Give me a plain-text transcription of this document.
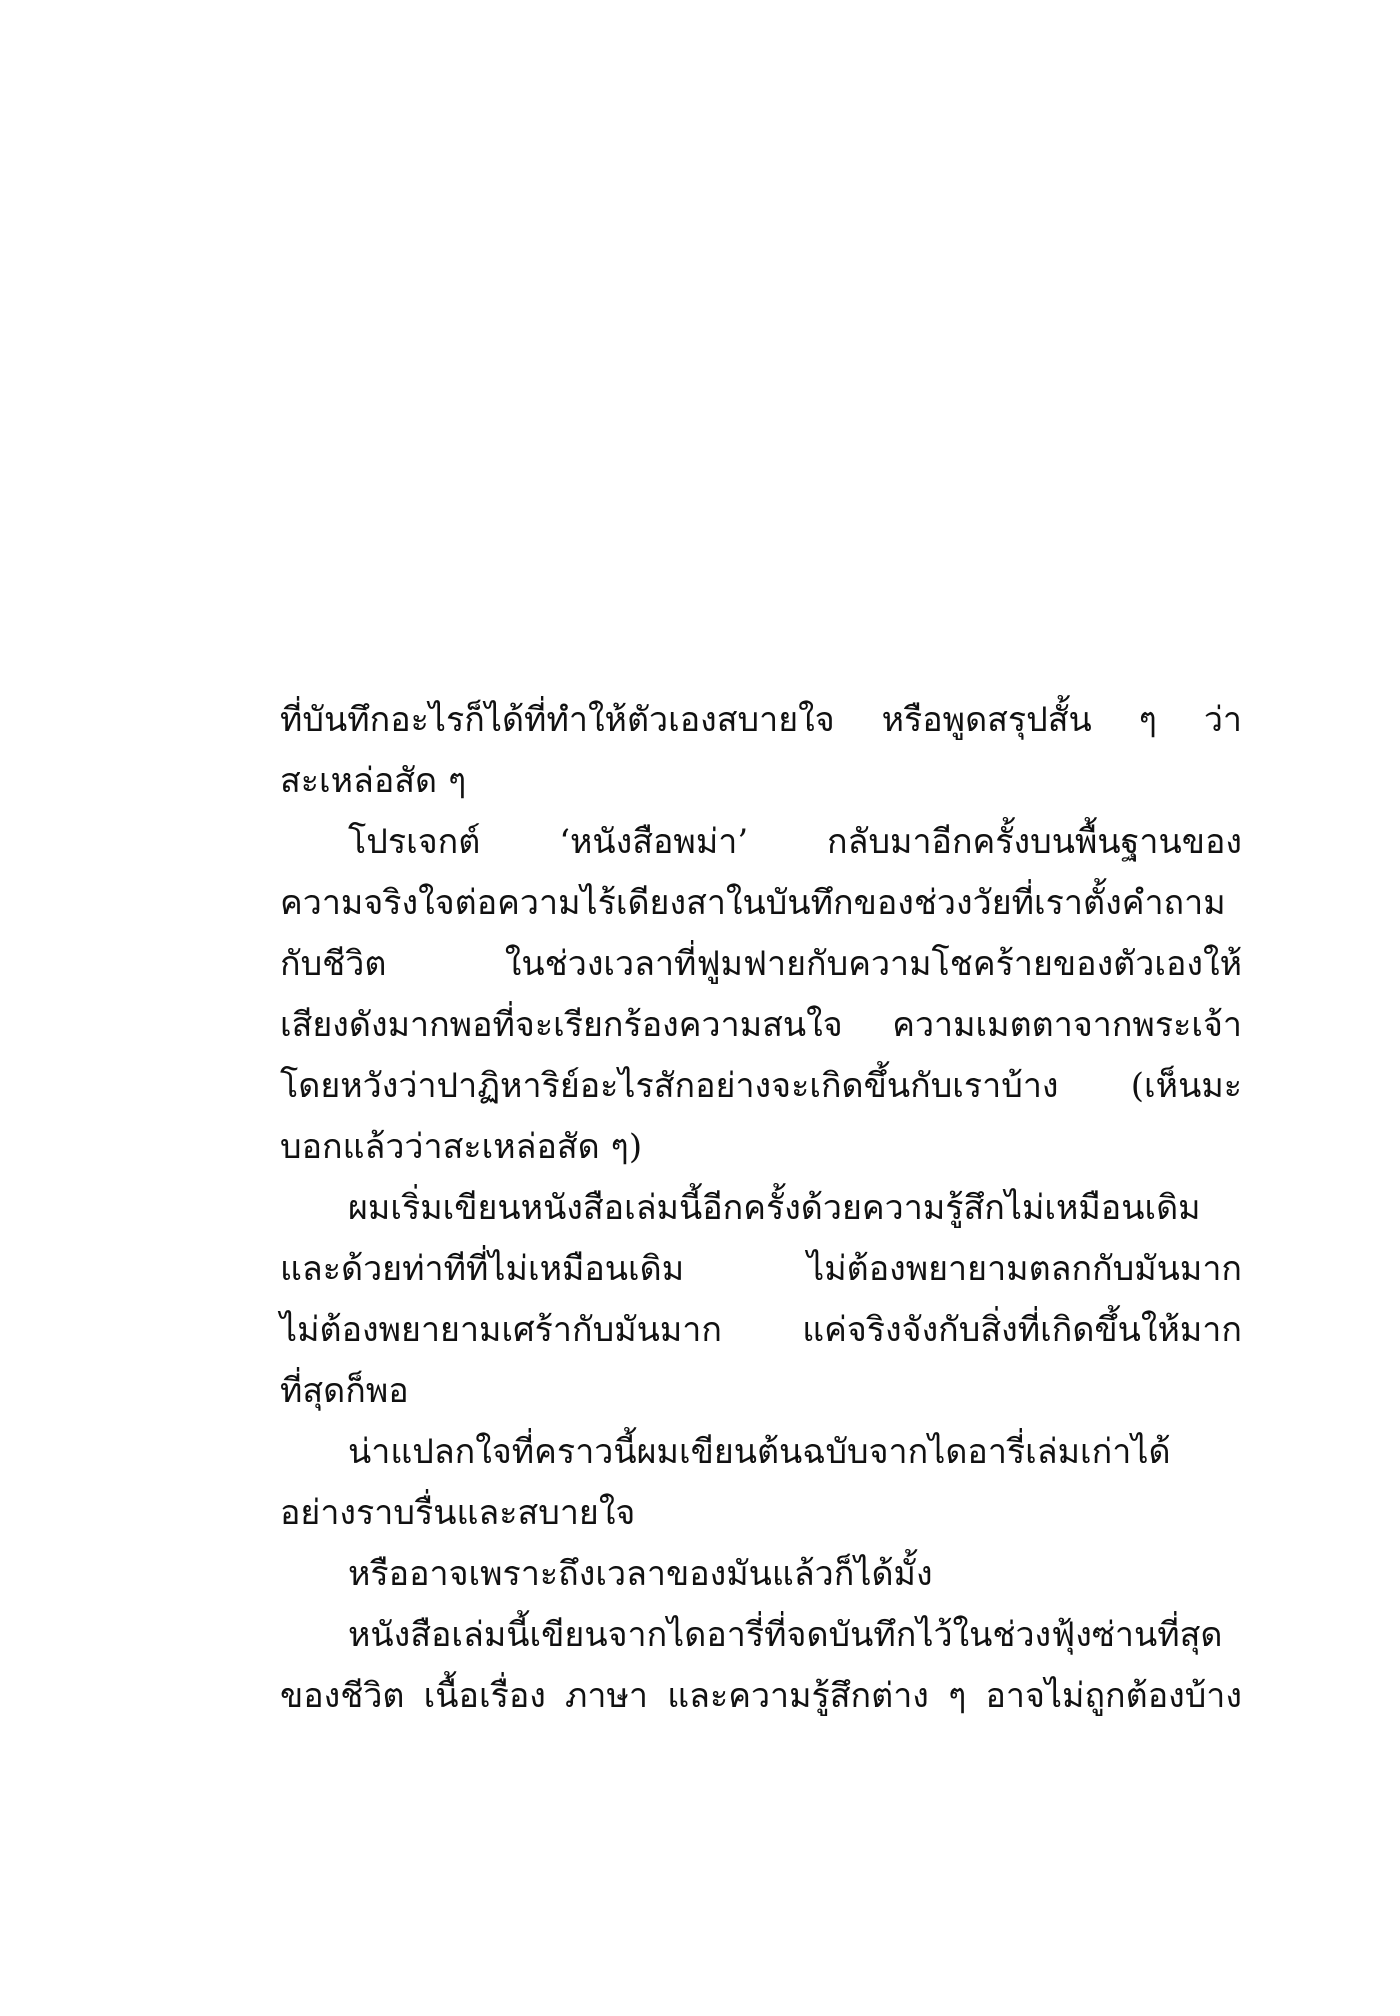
ที่บันทึกอะไรก็ได้ที่ทำให้ตัวเองสบายใจ หรือพูดสรุปสั้น ๆ ว่า
สะเหล่อสัด ๆ
โปรเจกต์ ‘หนังสือพม่า’ กลับมาอีกครั้งบนพื้นฐานของ
ความจริงใจต่อความไร้เดียงสาในบันทึกของช่วงวัยที่เราตั้งคำถาม
กับชีวิต ในช่วงเวลาที่ฟูมฟายกับความโชคร้ายของตัวเองให้
เสียงดังมากพอที่จะเรียกร้องความสนใจ ความเมตตาจากพระเจ้า
โดยหวังว่าปาฏิหาริย์อะไรสักอย่างจะเกิดขึ้นกับเราบ้าง (เห็นมะ
บอกแล้วว่าสะเหล่อสัด ๆ)
ผมเริ่มเขียนหนังสือเล่มนี้อีกครั้งด้วยความรู้สึกไม่เหมือนเดิม
และด้วยท่าทีที่ไม่เหมือนเดิม ไม่ต้องพยายามตลกกับมันมาก
ไม่ต้องพยายามเศร้ากับมันมาก แค่จริงจังกับสิ่งที่เกิดขึ้นให้มาก
ที่สุดก็พอ
น่าแปลกใจที่คราวนี้ผมเขียนต้นฉบับจากไดอารี่เล่มเก่าได้
อย่างราบรื่นและสบายใจ
หรืออาจเพราะถึงเวลาของมันแล้วก็ได้มั้ง
หนังสือเล่มนี้เขียนจากไดอารี่ที่จดบันทึกไว้ในช่วงฟุ้งซ่านที่สุด
ของชีวิต เนื้อเรื่อง ภาษา และความรู้สึกต่าง ๆ อาจไม่ถูกต้องบ้าง
